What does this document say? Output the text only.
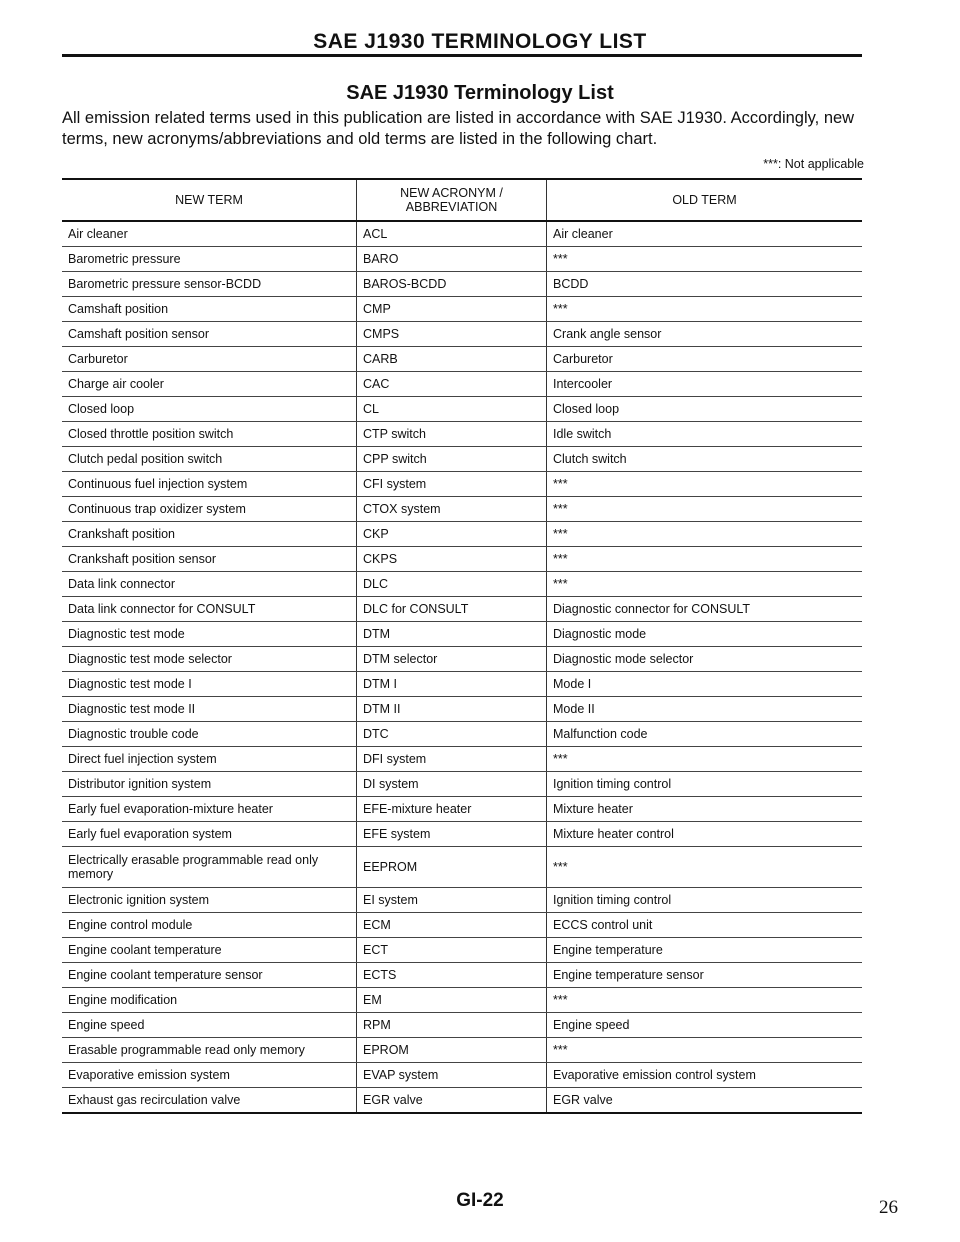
SAE J1930 TERMINOLOGY LIST
SAE J1930 Terminology List
All emission related terms used in this publication are listed in accordance with SAE J1930. Accordingly, new terms, new acronyms/abbreviations and old terms are listed in the following chart.
***: Not applicable
NEW TERM	NEW ACRONYM / ABBREVIATION	OLD TERM
Air cleaner	ACL	Air cleaner
Barometric pressure	BARO	***
Barometric pressure sensor-BCDD	BAROS-BCDD	BCDD
Camshaft position	CMP	***
Camshaft position sensor	CMPS	Crank angle sensor
Carburetor	CARB	Carburetor
Charge air cooler	CAC	Intercooler
Closed loop	CL	Closed loop
Closed throttle position switch	CTP switch	Idle switch
Clutch pedal position switch	CPP switch	Clutch switch
Continuous fuel injection system	CFI system	***
Continuous trap oxidizer system	CTOX system	***
Crankshaft position	CKP	***
Crankshaft position sensor	CKPS	***
Data link connector	DLC	***
Data link connector for CONSULT	DLC for CONSULT	Diagnostic connector for CONSULT
Diagnostic test mode	DTM	Diagnostic mode
Diagnostic test mode selector	DTM selector	Diagnostic mode selector
Diagnostic test mode I	DTM I	Mode I
Diagnostic test mode II	DTM II	Mode II
Diagnostic trouble code	DTC	Malfunction code
Direct fuel injection system	DFI system	***
Distributor ignition system	DI system	Ignition timing control
Early fuel evaporation-mixture heater	EFE-mixture heater	Mixture heater
Early fuel evaporation system	EFE system	Mixture heater control
Electrically erasable programmable read only memory	EEPROM	***
Electronic ignition system	EI system	Ignition timing control
Engine control module	ECM	ECCS control unit
Engine coolant temperature	ECT	Engine temperature
Engine coolant temperature sensor	ECTS	Engine temperature sensor
Engine modification	EM	***
Engine speed	RPM	Engine speed
Erasable programmable read only memory	EPROM	***
Evaporative emission system	EVAP system	Evaporative emission control system
Exhaust gas recirculation valve	EGR valve	EGR valve
GI-22	26
